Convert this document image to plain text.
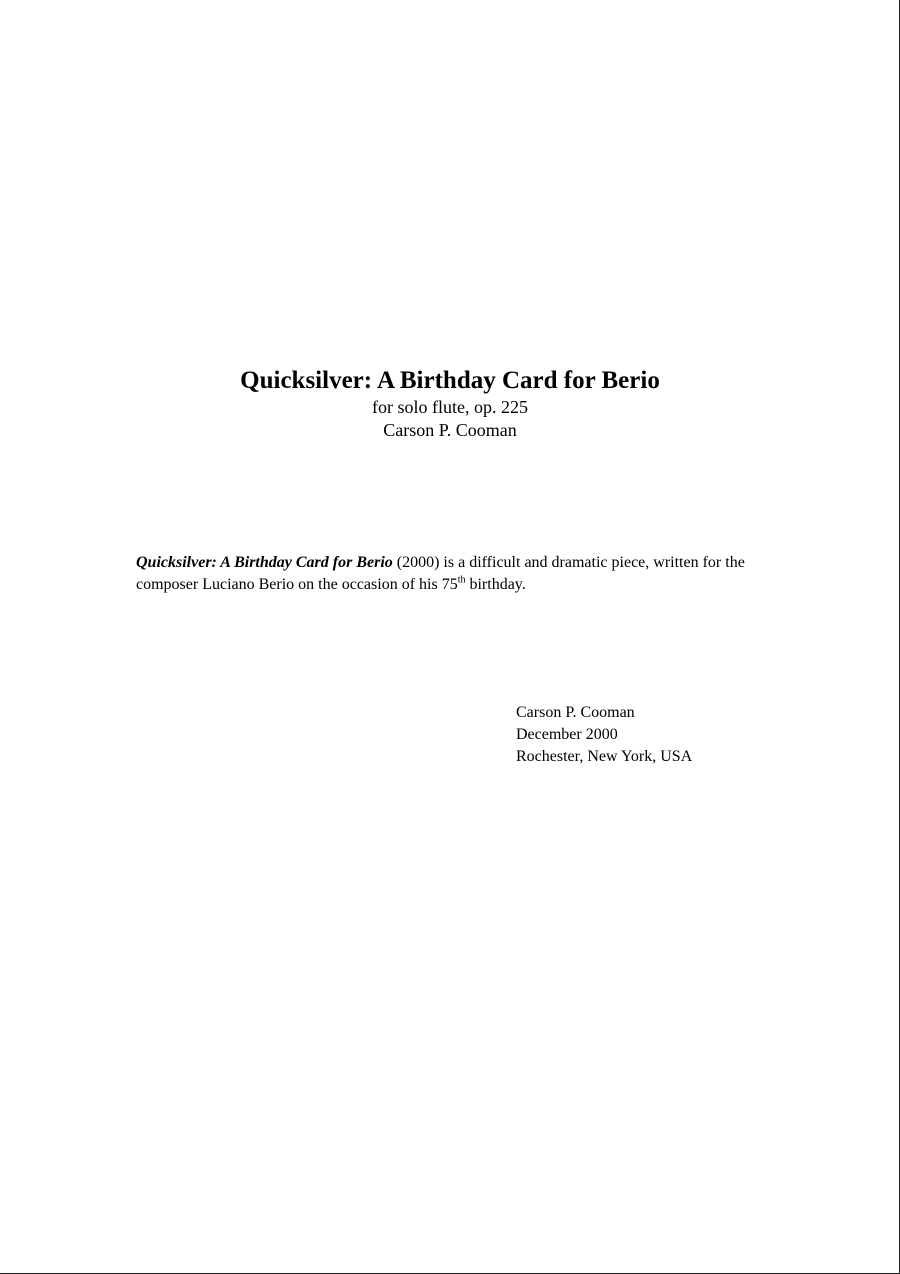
Quicksilver: A Birthday Card for Berio

for solo flute, op. 225

Carson P. Cooman

Quicksilver: A Birthday Card for Berio (2000) is a difficult and dramatic piece, written for the composer Luciano Berio on the occasion of his 75th birthday.

Carson P. Cooman
December 2000
Rochester, New York, USA
